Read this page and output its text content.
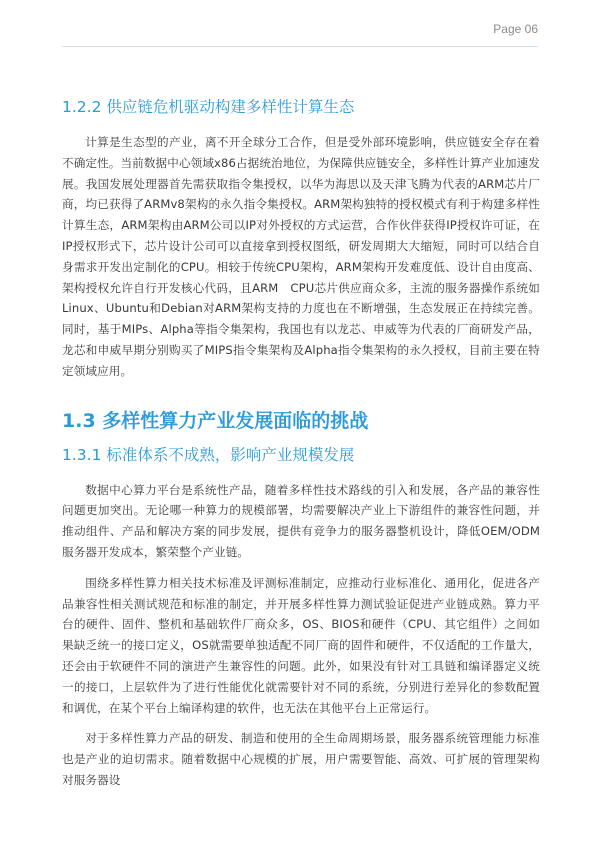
Page 06
1.2.2 供应链危机驱动构建多样性计算生态

计算是生态型的产业，离不开全球分工合作，但是受外部环境影响，供应链安全存在着不确定性。当前数据中心领域x86占据统治地位，为保障供应链安全，多样性计算产业加速发展。我国发展处理器首先需获取指令集授权，以华为海思以及天津飞腾为代表的ARM芯片厂商，均已获得了ARMv8架构的永久指令集授权。ARM架构独特的授权模式有利于构建多样性计算生态，ARM架构由ARM公司以IP对外授权的方式运营，合作伙伴获得IP授权许可证，在IP授权形式下，芯片设计公司可以直接拿到授权图纸，研发周期大大缩短，同时可以结合自身需求开发出定制化的CPU。相较于传统CPU架构，ARM架构开发难度低、设计自由度高、架构授权允许自行开发核心代码，且ARM　CPU芯片供应商众多，主流的服务器操作系统如Linux、Ubuntu和Debian对ARM架构支持的力度也在不断增强，生态发展正在持续完善。同时，基于MIPs、Alpha等指令集架构，我国也有以龙芯、申威等为代表的厂商研发产品，龙芯和申威早期分别购买了MIPS指令集架构及Alpha指令集架构的永久授权，目前主要在特定领域应用。

1.3 多样性算力产业发展面临的挑战
1.3.1 标准体系不成熟，影响产业规模发展

数据中心算力平台是系统性产品，随着多样性技术路线的引入和发展，各产品的兼容性问题更加突出。无论哪一种算力的规模部署，均需要解决产业上下游组件的兼容性问题，并推动组件、产品和解决方案的同步发展，提供有竞争力的服务器整机设计，降低OEM/ODM服务器开发成本，繁荣整个产业链。

围绕多样性算力相关技术标准及评测标准制定，应推动行业标准化、通用化，促进各产品兼容性相关测试规范和标准的制定，并开展多样性算力测试验证促进产业链成熟。算力平台的硬件、固件、整机和基础软件厂商众多，OS、BIOS和硬件（CPU、其它组件）之间如果缺乏统一的接口定义，OS就需要单独适配不同厂商的固件和硬件，不仅适配的工作量大，还会由于软硬件不同的演进产生兼容性的问题。此外，如果没有针对工具链和编译器定义统一的接口，上层软件为了进行性能优化就需要针对不同的系统，分别进行差异化的参数配置和调优，在某个平台上编译构建的软件，也无法在其他平台上正常运行。

对于多样性算力产品的研发、制造和使用的全生命周期场景，服务器系统管理能力标准也是产业的迫切需求。随着数据中心规模的扩展，用户需要智能、高效、可扩展的管理架构对服务器设
